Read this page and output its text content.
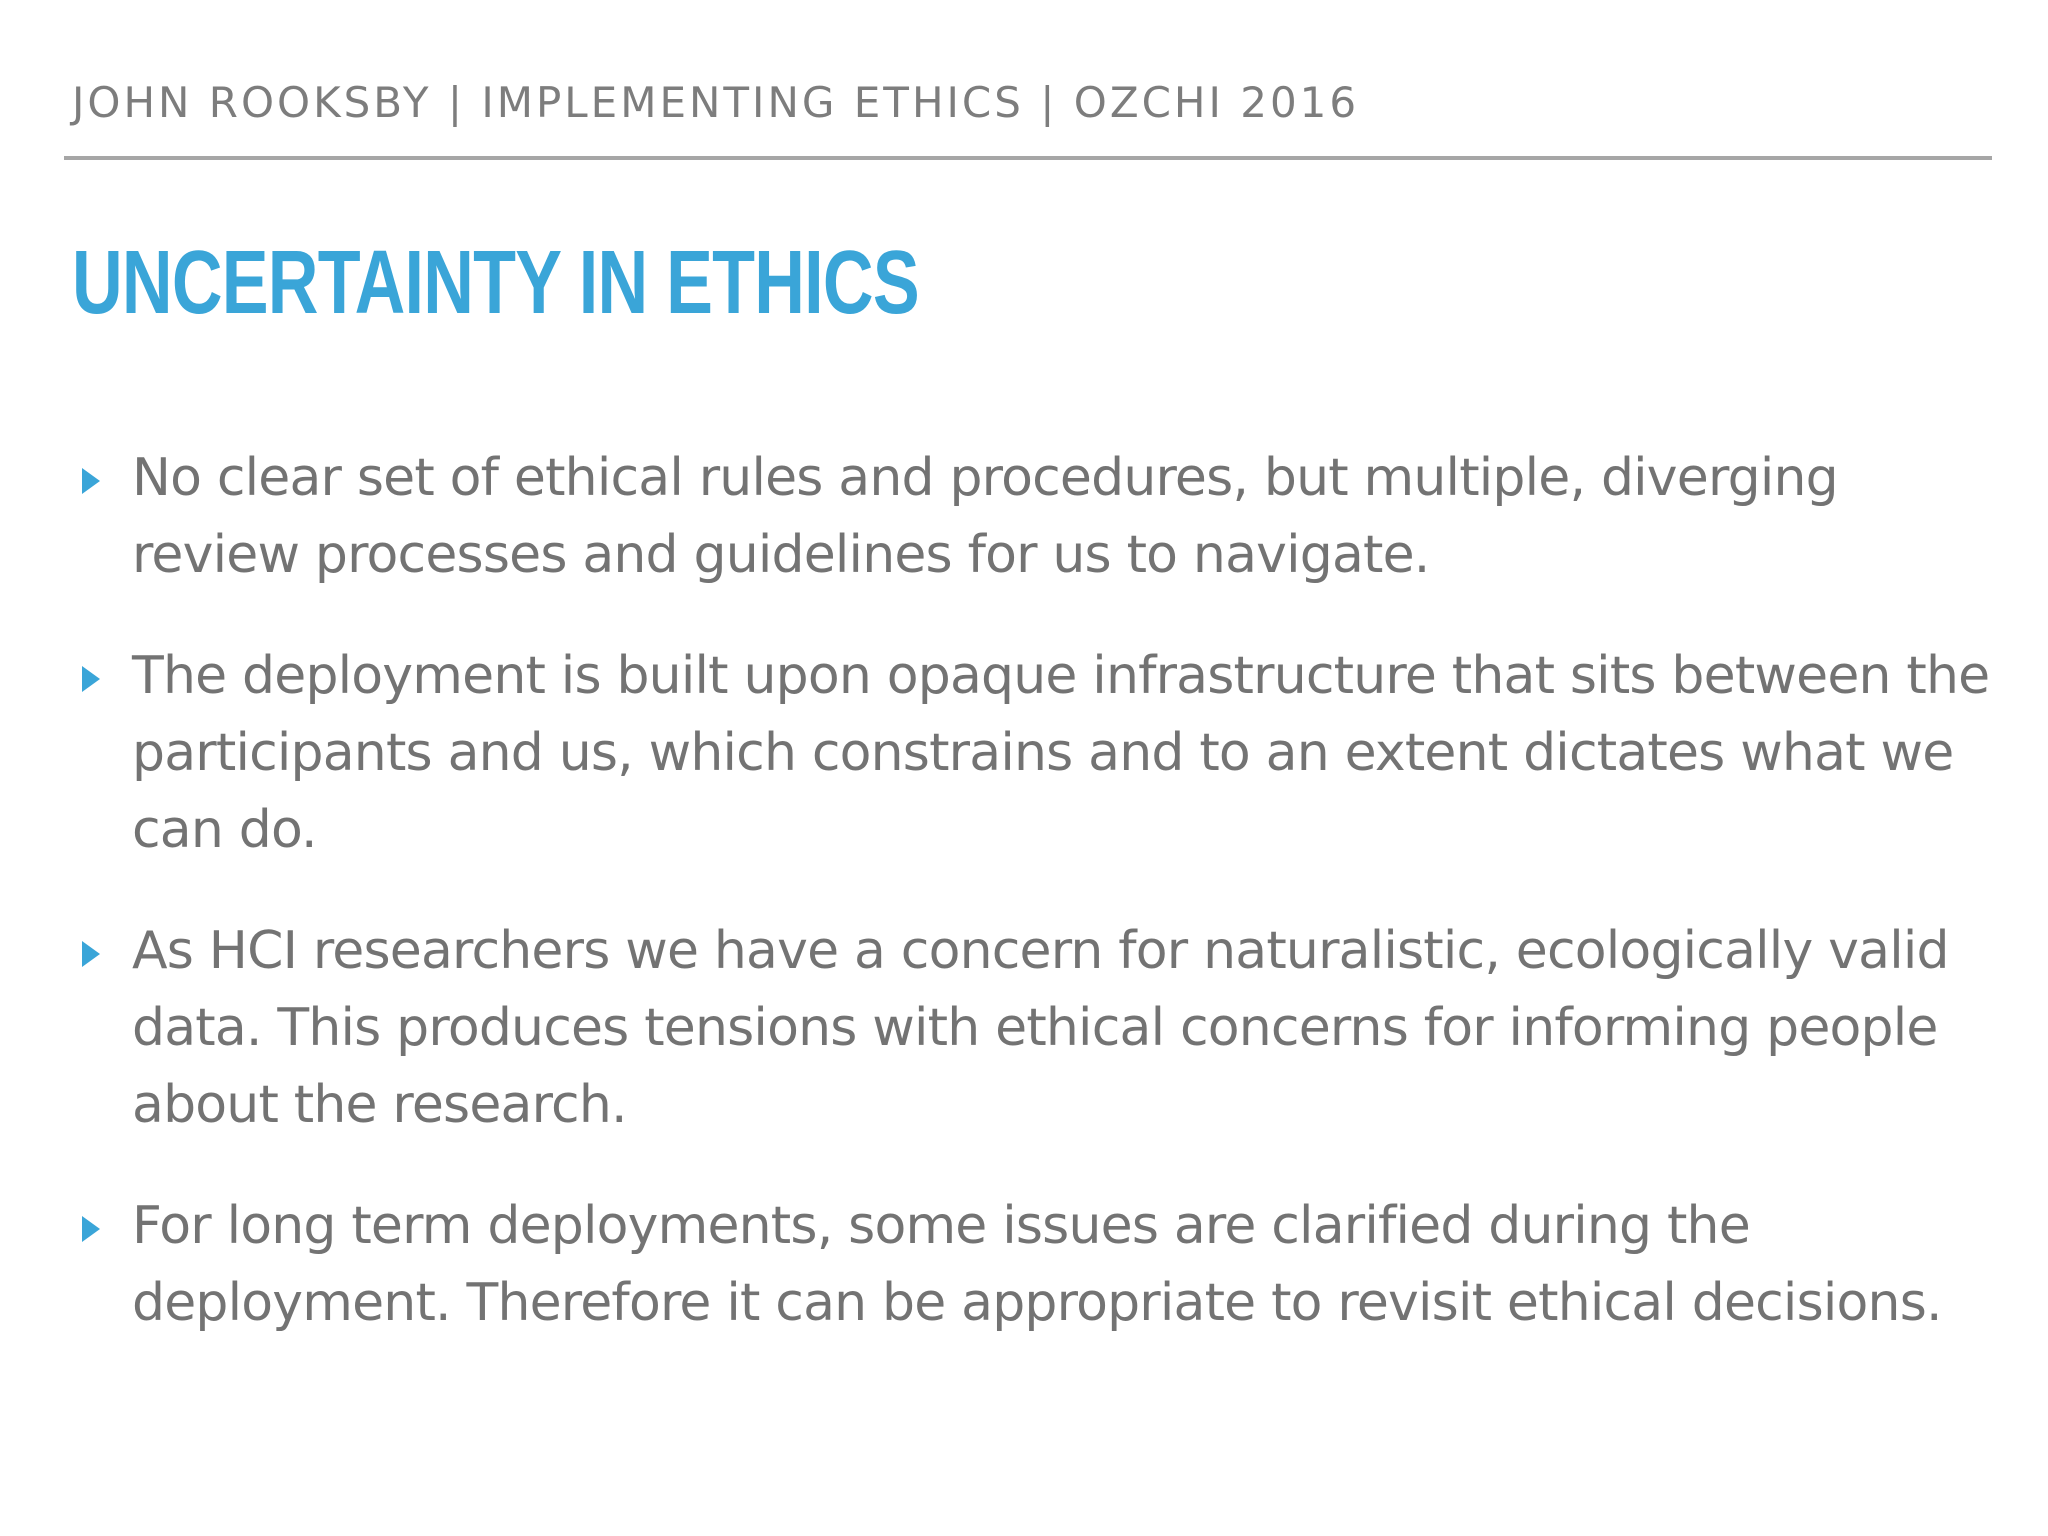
JOHN ROOKSBY | IMPLEMENTING ETHICS | OZCHI 2016
UNCERTAINTY IN ETHICS
No clear set of ethical rules and procedures, but multiple, diverging review processes and guidelines for us to navigate.
The deployment is built upon opaque infrastructure that sits between the participants and us, which constrains and to an extent dictates what we can do.
As HCI researchers we have a concern for naturalistic, ecologically valid data. This produces tensions with ethical concerns for informing people about the research.
For long term deployments, some issues are clarified during the deployment. Therefore it can be appropriate to revisit ethical decisions.
